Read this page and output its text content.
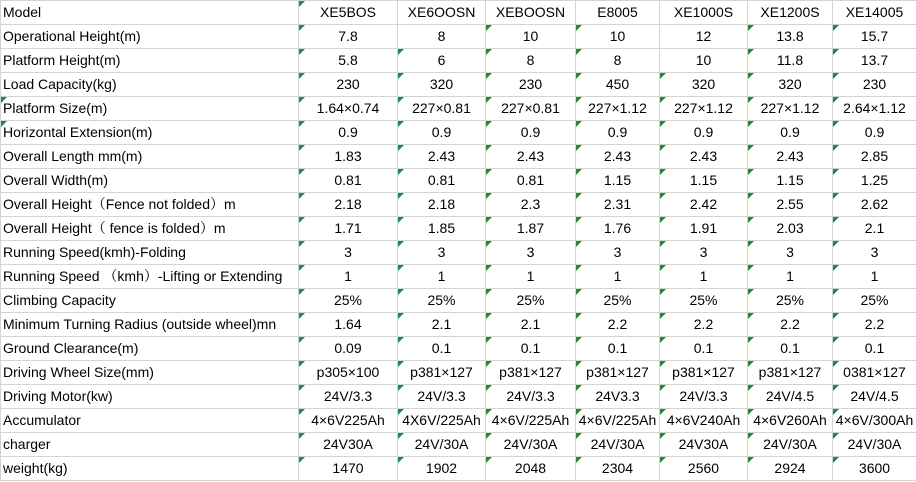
Model	XE5BOS	XE6OOSN	XEBOOSN	E8005	XE1000S	XE1200S	XE14005
Operational Height(m)	7.8	8	10	10	12	13.8	15.7

Platform Height(m)	5.8	6	8	8	10	11.8	13.7

Load Capacity(kg)	230	320	230	450	320	320	230

Platform Size(m)	1.64×0.74	227×0.81	227×0.81	227×1.12	227×1.12	227×1.12	2.64×1.12

Horizontal Extension(m)	0.9	0.9	0.9	0.9	0.9	0.9	0.9

Overall Length mm(m)	1.83	2.43	2.43	2.43	2.43	2.43	2.85

Overall Width(m)	0.81	0.81	0.81	1.15	1.15	1.15	1.25

Overall Height（Fence not folded）m	2.18	2.18	2.3	2.31	2.42	2.55	2.62

Overall Height（ fence is folded）m	1.71	1.85	1.87	1.76	1.91	2.03	2.1

Running Speed(kmh)-Folding	3	3	3	3	3	3	3

Running Speed （kmh）-Lifting or Extending	1	1	1	1	1	1	1

Climbing Capacity	25%	25%	25%	25%	25%	25%	25%

Minimum Turning Radius (outside wheel)mn	1.64	2.1	2.1	2.2	2.2	2.2	2.2

Ground Clearance(m)	0.09	0.1	0.1	0.1	0.1	0.1	0.1

Driving Wheel Size(mm)	p305×100	p381×127	p381×127	p381×127	p381×127	p381×127	0381×127

Driving Motor(kw)	24V/3.3	24V/3.3	24V/3.3	24V3.3	24V/3.3	24V/4.5	24V/4.5

Accumulator	4×6V225Ah	4X6V/225Ah	4×6V/225Ah	4×6V/225Ah	4×6V240Ah	4×6V260Ah	4×6V/300Ah

charger	24V30A	24V/30A	24V/30A	24V/30A	24V30A	24V/30A	24V/30A

weight(kg)	1470	1902	2048	2304	2560	2924	3600
